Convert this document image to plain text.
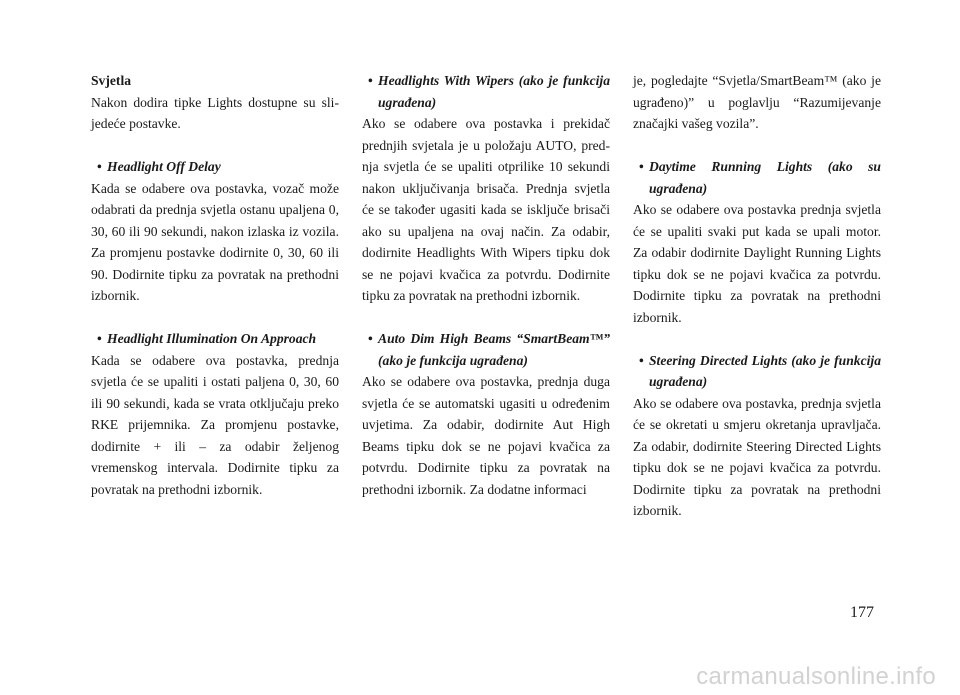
Svjetla

Nakon dodira tipke Lights dostupne su slijedeće postavke.

• Headlight Off Delay

Kada se odabere ova postavka, vozač može odabrati da prednja svjetla ostanu upaljena 0, 30, 60 ili 90 sekundi, nakon izlaska iz vozila. Za promjenu postavke dodirnite 0, 30, 60 ili 90. Dodirnite tipku za povratak na prethodni izbornik.

• Headlight Illumination On Approach

Kada se odabere ova postavka, prednja svjetla će se upaliti i ostati paljena 0, 30, 60 ili 90 sekundi, kada se vrata otključaju preko RKE prijemnika. Za promjenu postavke, dodirnite + ili – za odabir željenog vremenskog intervala. Dodirnite tipku za povratak na prethodni izbornik.

• Headlights With Wipers (ako je funkcija ugrađena)

Ako se odabere ova postavka i prekidač prednjih svjetala je u položaju AUTO, prednja svjetla će se upaliti otprilike 10 sekundi nakon uključivanja brisača. Prednja svjetla će se također ugasiti kada se isključe brisači ako su upaljena na ovaj način. Za odabir, dodirnite Headlights With Wipers tipku dok se ne pojavi kvačica za potvrdu. Dodirnite tipku za povratak na prethodni izbornik.

• Auto Dim High Beams “SmartBeam™” (ako je funkcija ugrađena)

Ako se odabere ova postavka, prednja duga svjetla će se automatski ugasiti u određenim uvjetima. Za odabir, dodirnite Aut High Beams tipku dok se ne pojavi kvačica za potvrdu. Dodirnite tipku za povratak na prethodni izbornik. Za dodatne informaci

je, pogledajte “Svjetla/SmartBeam™ (ako je ugrađeno)” u poglavlju “Razumijevanje značajki vašeg vozila”.

• Daytime Running Lights (ako su ugrađena)

Ako se odabere ova postavka prednja svjetla će se upaliti svaki put kada se upali motor. Za odabir dodirnite Daylight Running Lights tipku dok se ne pojavi kvačica za potvrdu. Dodirnite tipku za povratak na prethodni izbornik.

• Steering Directed Lights (ako je funkcija ugrađena)

Ako se odabere ova postavka, prednja svjetla će se okretati u smjeru okretanja upravljača. Za odabir, dodirnite Steering Directed Lights tipku dok se ne pojavi kvačica za potvrdu. Dodirnite tipku za povratak na prethodni izbornik.

177
carmanualsonline.info
